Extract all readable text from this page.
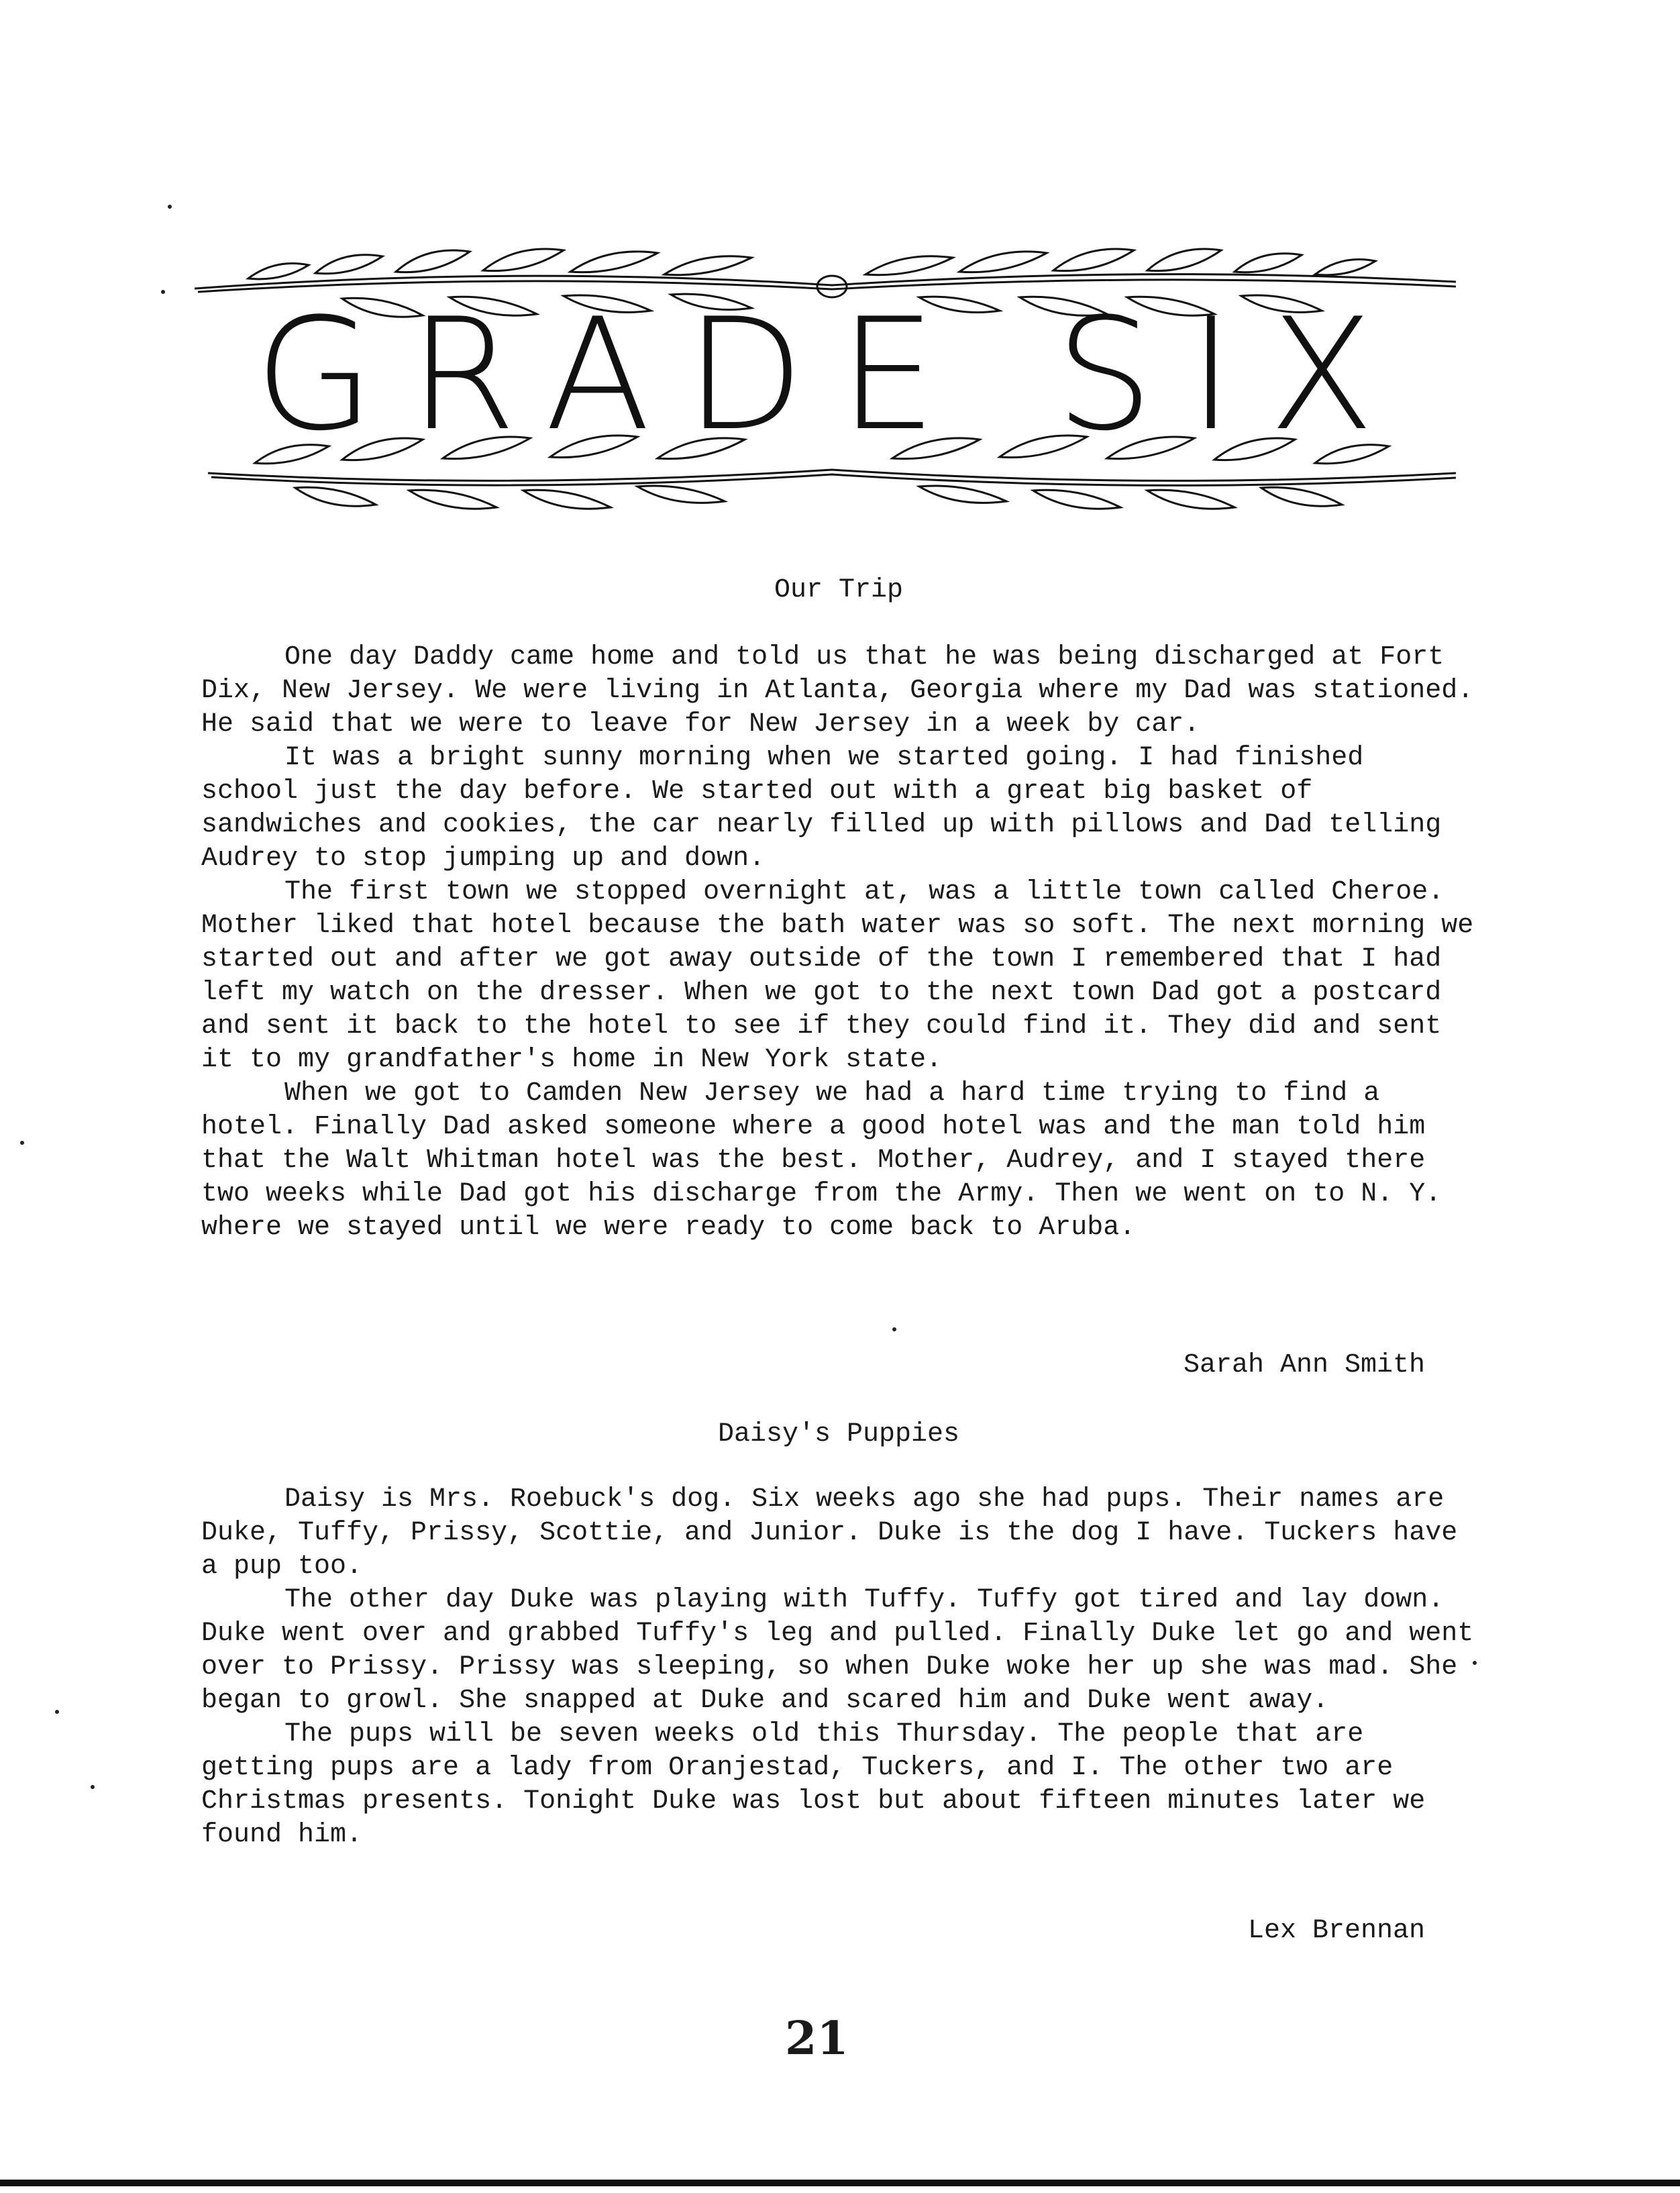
GRADE SIX
Our Trip

One day Daddy came home and told us that he was being discharged at Fort Dix, New Jersey. We were living in Atlanta, Georgia where my Dad was stationed. He said that we were to leave for New Jersey in a week by car.

It was a bright sunny morning when we started going. I had finished school just the day before. We started out with a great big basket of sandwiches and cookies, the car nearly filled up with pillows and Dad telling Audrey to stop jumping up and down.

The first town we stopped overnight at, was a little town called Cheroe. Mother liked that hotel because the bath water was so soft. The next morning we started out and after we got away outside of the town I remembered that I had left my watch on the dresser. When we got to the next town Dad got a postcard and sent it back to the hotel to see if they could find it. They did and sent it to my grandfather's home in New York state.

When we got to Camden New Jersey we had a hard time trying to find a hotel. Finally Dad asked someone where a good hotel was and the man told him that the Walt Whitman hotel was the best. Mother, Audrey, and I stayed there two weeks while Dad got his discharge from the Army. Then we went on to N. Y. where we stayed until we were ready to come back to Aruba.

Sarah Ann Smith
Daisy's Puppies

Daisy is Mrs. Roebuck's dog. Six weeks ago she had pups. Their names are Duke, Tuffy, Prissy, Scottie, and Junior. Duke is the dog I have. Tuckers have a pup too.

The other day Duke was playing with Tuffy. Tuffy got tired and lay down. Duke went over and grabbed Tuffy's leg and pulled. Finally Duke let go and went over to Prissy. Prissy was sleeping, so when Duke woke her up she was mad. She began to growl. She snapped at Duke and scared him and Duke went away.

The pups will be seven weeks old this Thursday. The people that are getting pups are a lady from Oranjestad, Tuckers, and I. The other two are Christmas presents. Tonight Duke was lost but about fifteen minutes later we found him.

Lex Brennan
21
